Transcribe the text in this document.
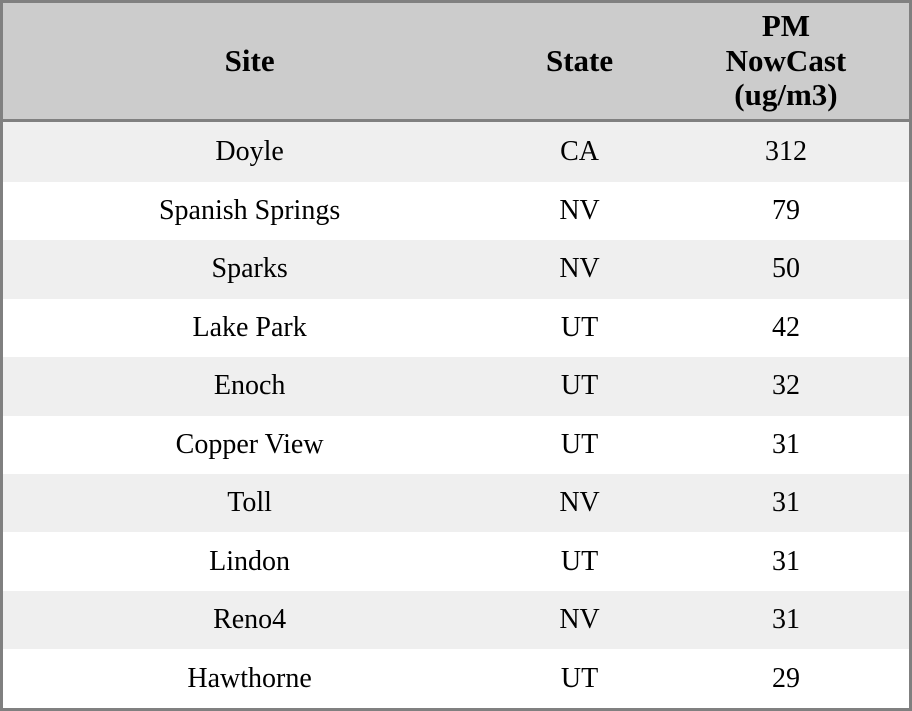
Site	State	PM
NowCast
(ug/m3)

Doyle	CA	312
Spanish Springs	NV	79
Sparks	NV	50
Lake Park	UT	42
Enoch	UT	32
Copper View	UT	31
Toll	NV	31
Lindon	UT	31
Reno4	NV	31
Hawthorne	UT	29
